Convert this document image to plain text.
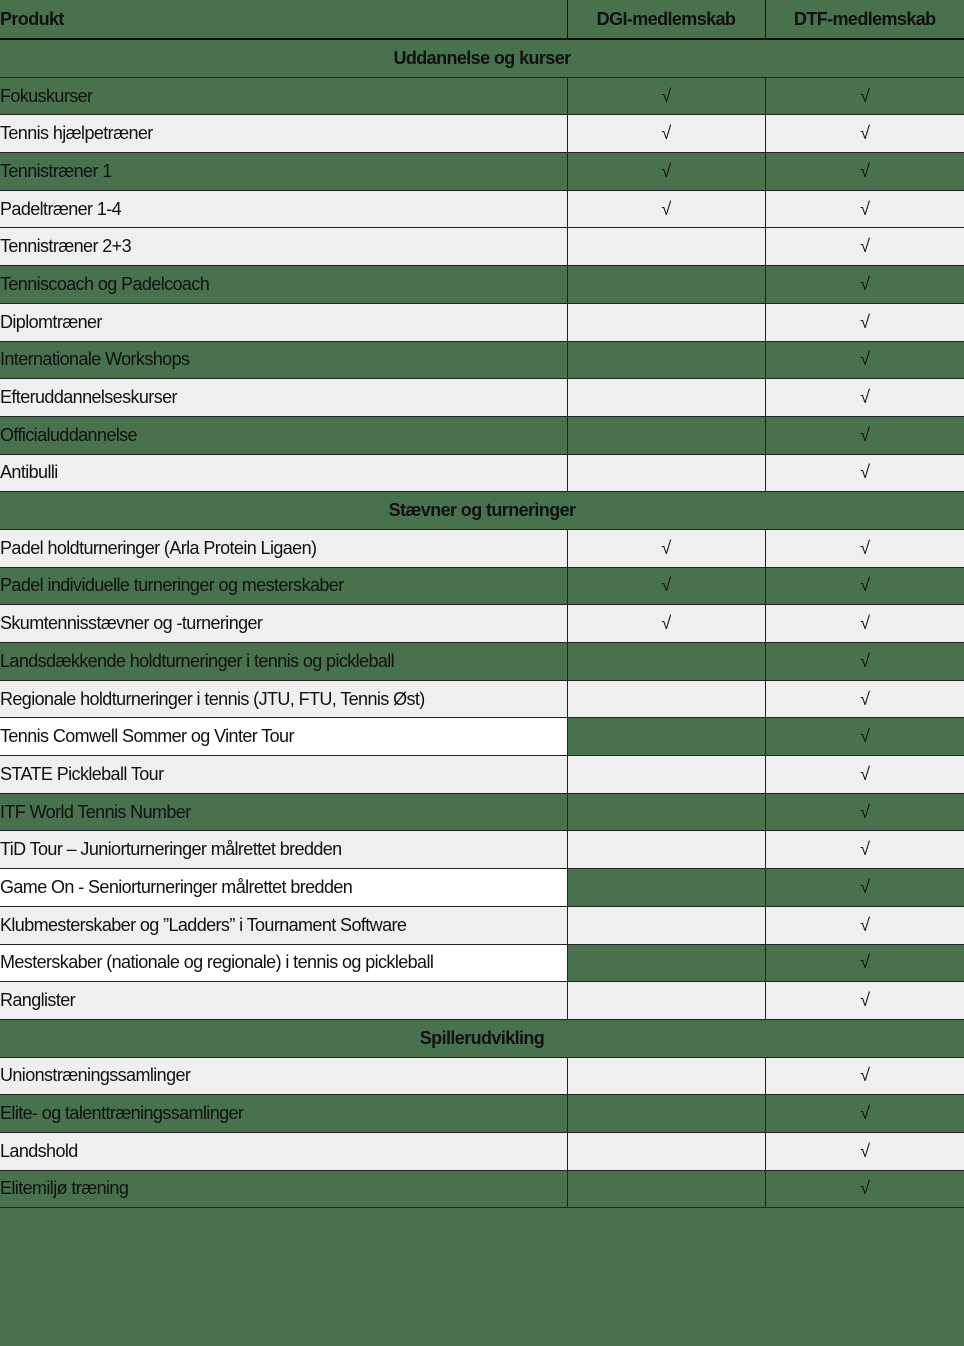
Produkt	DGI-medlemskab	DTF-medlemskab
Uddannelse og kurser		
Fokuskurser	√	√
Tennis hjælpetræner	√	√
Tennistræner 1	√	√
Padeltræner 1-4	√	√
Tennistræner 2+3		√
Tenniscoach og Padelcoach		√
Diplomtræner		√
Internationale Workshops		√
Efteruddannelseskurser		√
Officialuddannelse		√
Antibulli		√
Stævner og turneringer		
Padel holdturneringer (Arla Protein Ligaen)	√	√
Padel individuelle turneringer og mesterskaber	√	√
Skumtennisstævner og -turneringer	√	√
Landsdækkende holdturneringer i tennis og pickleball		√
Regionale holdturneringer i tennis (JTU, FTU, Tennis Øst)		√
Tennis Comwell Sommer og Vinter Tour		√
STATE Pickleball Tour		√
ITF World Tennis Number		√
TiD Tour – Juniorturneringer målrettet bredden		√
Game On - Seniorturneringer målrettet bredden		√
Klubmesterskaber og ”Ladders” i Tournament Software		√
Mesterskaber (nationale og regionale) i tennis og pickleball		√
Ranglister		√
Spillerudvikling		
Unionstræningssamlinger		√
Elite- og talenttræningssamlinger		√
Landshold		√
Elitemiljø træning		√
